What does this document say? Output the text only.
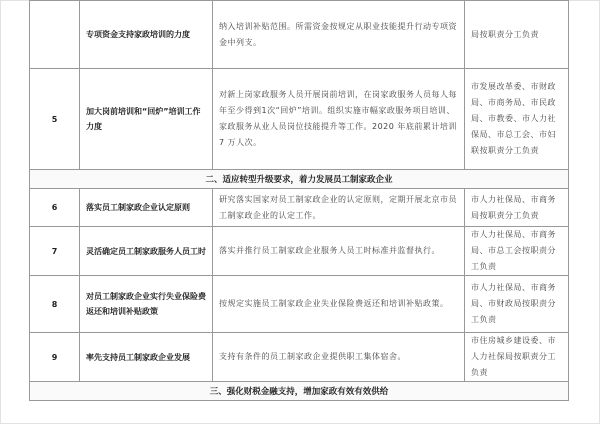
	专项资金支持家政培训的力度	纳入培训补贴范围。所需资金按规定从职业技能提升行动专项资金中列支。	局按职责分工负责
5	加大岗前培训和“回炉”培训工作力度	对新上岗家政服务人员开展岗前培训，在岗家政服务人员每人每年至少得到1次“回炉”培训。组织实施市幅家政服务项目培训、家政服务从业人员岗位技能提升等工作。2020 年底前累计培训 7 万人次。	市发展改革委、市财政局、市商务局、市民政局、市教委、市人力社保局、市总工会、市妇联按职责分工负责
二、适应转型升级要求，着力发展员工制家政企业			
6	落实员工制家政企业认定原则	研究落实国家对员工制家政企业的认定原则，定期开展北京市员工制家政企业的认定工作。	市人力社保局、市商务局按职责分工负责
7	灵活确定员工制家政服务人员工时	落实并推行员工制家政企业服务人员工时标准并监督执行。	市人力社保局、市商务局、市总工会按职责分工负责
8	对员工制家政企业实行失业保险费返还和培训补贴政策	按规定实施员工制家政企业失业保险费返还和培训补贴政策。	市人力社保局、市商务局、市财政局按职责分工负责
9	率先支持员工制家政企业发展	支持有条件的员工制家政企业提供职工集体宿舍。	市住房城乡建设委、市人力社保局按职责分工负责
三、强化财税金融支持，增加家政有效有效供给			
